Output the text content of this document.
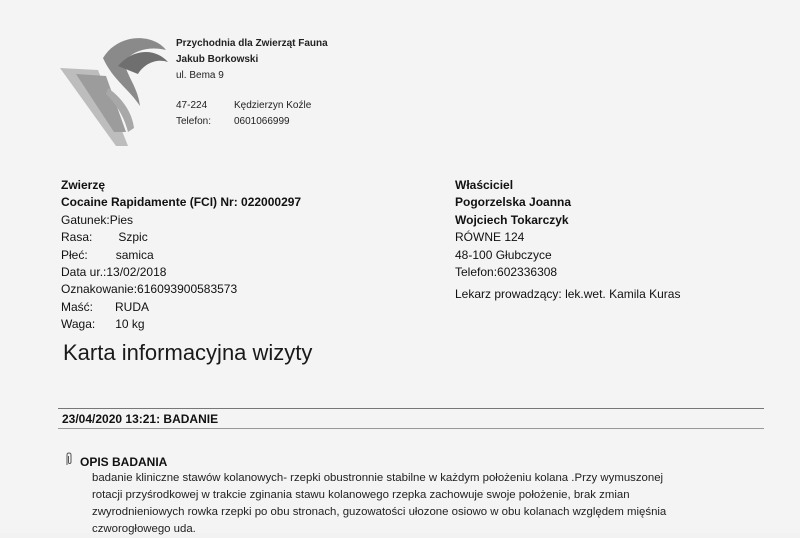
Przychodnia dla Zwierząt Fauna
Jakub Borkowski
ul. Bema 9
47-224	Kędzierzyn Koźle
Telefon:	0601066999
Zwierzę
Cocaine Rapidamente (FCI) Nr: 022000297
Gatunek: Pies
Rasa: Szpic
Płeć: samica
Data ur.: 13/02/2018
Oznakowanie: 616093900583573
Maść: RUDA
Waga: 10 kg
Właściciel
Pogorzelska Joanna
Wojciech Tokarczyk
RÓWNE 124
48-100 Głubczyce
Telefon: 602336308
Lekarz prowadzący:
lek.wet. Kamila Kuras
Karta informacyjna wizyty
23/04/2020 13:21: BADANIE
OPIS BADANIA
badanie kliniczne stawów kolanowych- rzepki obustronnie stabilne w każdym położeniu kolana .Przy wymuszonej
rotacji przyśrodkowej w trakcie zginania stawu kolanowego rzepka zachowuje swoje położenie, brak zmian
zwyrodnieniowych rowka rzepki po obu stronach, guzowatości ułozone osiowo w obu kolanach względem mięśnia
czworogłowego uda.
